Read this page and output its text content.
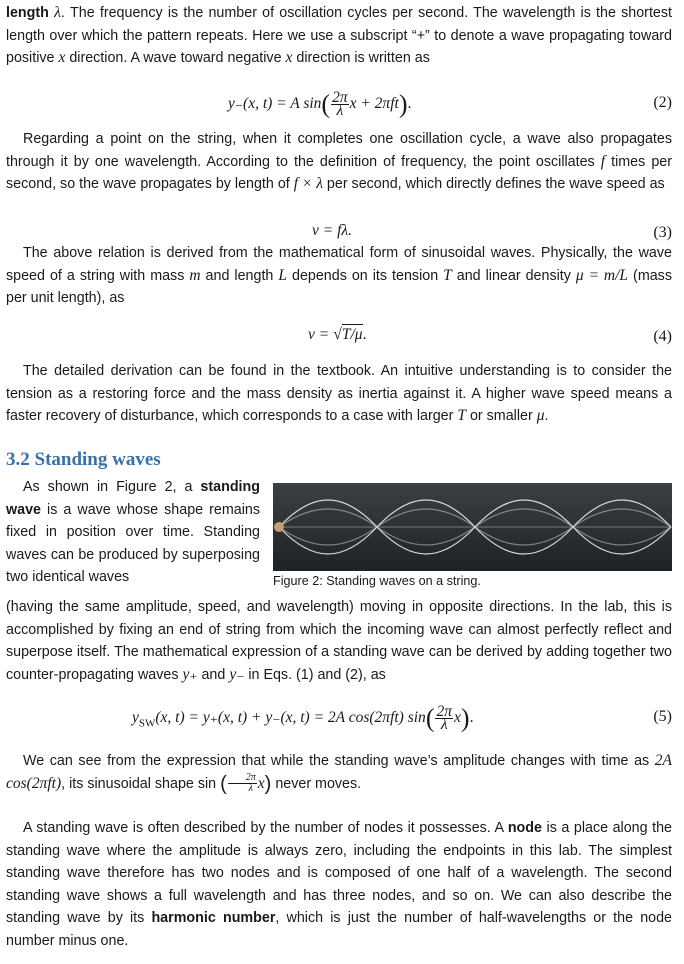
length λ. The frequency is the number of oscillation cycles per second. The wavelength is the shortest length over which the pattern repeats. Here we use a subscript “+” to denote a wave propagating toward positive x direction. A wave toward negative x direction is written as

y₋(x, t) = A $\sin( \frac{2\pi}{\lambda}$ x + 2πft).	(2)

Regarding a point on the string, when it completes one oscillation cycle, a wave also propagates through it by one wavelength. According to the definition of frequency, the point oscillates f times per second, so the wave propagates by length of f × λ per second, which directly defines the wave speed as

v = fλ.	(3)

The above relation is derived from the mathematical form of sinusoidal waves. Physically, the wave speed of a string with mass m and length L depends on its tension T and linear density μ = m/L (mass per unit length), as

v = √T/μ.	(4)

The detailed derivation can be found in the textbook. An intuitive understanding is to consider the tension as a restoring force and the mass density as inertia against it. A higher wave speed means a faster recovery of disturbance, which corresponds to a case with larger T or smaller μ.

3.2 Standing waves

As shown in Figure 2, a standing wave is a wave whose shape remains fixed in position over time. Standing waves can be produced by superposing two identical waves	Figure 2: Standing waves on a string.

(having the same amplitude, speed, and wavelength) moving in opposite directions. In the lab, this is accomplished by fixing an end of string from which the incoming wave can almost perfectly reflect and superpose itself. The mathematical expression of a standing wave can be derived by adding together two counter-propagating waves y₊ and y₋ in Eqs. (1) and (2), as

$y_{SW}(x$, t) = y₊(x, t) + y₋(x, t) = 2A cos(2πft) $\sin( \frac{2\pi}{\lambda} x)$.	(5)

We can see from the expression that while the standing wave’s amplitude changes with time as 2A cos(2πft), its sinusoidal shape sin ( $\frac{2\pi}{\lambda} x$) never moves.

A standing wave is often described by the number of nodes it possesses. A node is a place along the standing wave where the amplitude is always zero, including the endpoints in this lab. The simplest standing wave therefore has two nodes and is composed of one half of a wavelength. The second standing wave shows a full wavelength and has three nodes, and so on. We can also describe the standing wave by its harmonic number, which is just the number of half-wavelengths or the node number minus one.
